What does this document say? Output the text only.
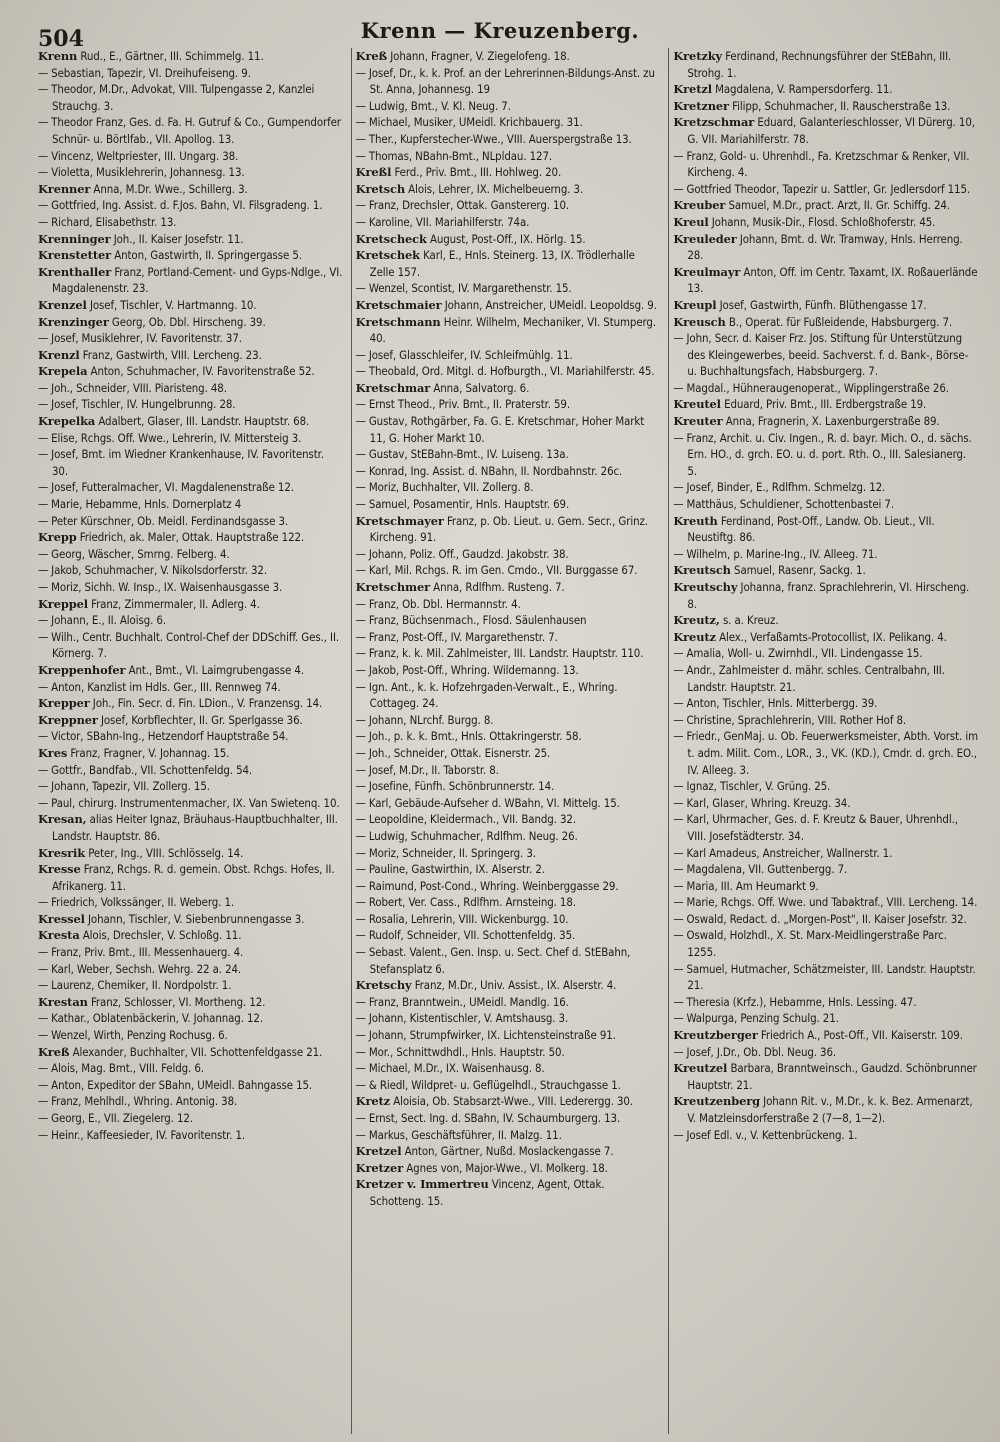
504	Krenn — Kreuzenberg.

Krenn Rud., E., Gärtner, III. Schimmelg. 11.

— Sebastian, Tapezir, VI. Dreihufeiseng. 9.

— Theodor, M.Dr., Advokat, VIII. Tulpengasse 2, Kanzlei Strauchg. 3.

— Theodor Franz, Ges. d. Fa. H. Gutruf & Co., Gumpendorfer Schnür- u. Börtlfab., VII. Apollog. 13.

— Vincenz, Weltpriester, III. Ungarg. 38.

— Violetta, Musiklehrerin, Johannesg. 13.

Krenner Anna, M.Dr. Wwe., Schillerg. 3.

— Gottfried, Ing. Assist. d. F.Jos. Bahn, VI. Filsgradeng. 1.

— Richard, Elisabethstr. 13.

Krenninger Joh., II. Kaiser Josefstr. 11.

Krenstetter Anton, Gastwirth, II. Springergasse 5.

Krenthaller Franz, Portland-Cement- und Gyps-Ndlge., VI. Magdalenenstr. 23.

Krenzel Josef, Tischler, V. Hartmanng. 10.

Krenzinger Georg, Ob. Dbl. Hirscheng. 39.

— Josef, Musiklehrer, IV. Favoritenstr. 37.

Krenzl Franz, Gastwirth, VIII. Lercheng. 23.

Krepela Anton, Schuhmacher, IV. Favoritenstraße 52.

— Joh., Schneider, VIII. Piaristeng. 48.

— Josef, Tischler, IV. Hungelbrunng. 28.

Krepelka Adalbert, Glaser, III. Landstr. Hauptstr. 68.

— Elise, Rchgs. Off. Wwe., Lehrerin, IV. Mittersteig 3.

— Josef, Bmt. im Wiedner Krankenhause, IV. Favoritenstr. 30.

— Josef, Futteralmacher, VI. Magdalenenstraße 12.

— Marie, Hebamme, Hnls. Dornerplatz 4

— Peter Kürschner, Ob. Meidl. Ferdinandsgasse 3.

Krepp Friedrich, ak. Maler, Ottak. Hauptstraße 122.

— Georg, Wäscher, Smrng. Felberg. 4.

— Jakob, Schuhmacher, V. Nikolsdorferstr. 32.

— Moriz, Sichh. W. Insp., IX. Waisenhausgasse 3.

Kreppel Franz, Zimmermaler, II. Adlerg. 4.

— Johann, E., II. Aloisg. 6.

— Wilh., Centr. Buchhalt. Control-Chef der DDSchiff. Ges., II. Körnerg. 7.

Kreppenhofer Ant., Bmt., VI. Laimgrubengasse 4.

— Anton, Kanzlist im Hdls. Ger., III. Rennweg 74.

Krepper Joh., Fin. Secr. d. Fin. LDion., V. Franzensg. 14.

Kreppner Josef, Korbflechter, II. Gr. Sperlgasse 36.

— Victor, SBahn-Ing., Hetzendorf Hauptstraße 54.

Kres Franz, Fragner, V. Johannag. 15.

— Gottfr., Bandfab., VII. Schottenfeldg. 54.

— Johann, Tapezir, VII. Zollerg. 15.

— Paul, chirurg. Instrumentenmacher, IX. Van Swietenq. 10.

Kresan, alias Heiter Ignaz, Bräuhaus-Hauptbuchhalter, III. Landstr. Hauptstr. 86.

Kresrik Peter, Ing., VIII. Schlösselg. 14.

Kresse Franz, Rchgs. R. d. gemein. Obst. Rchgs. Hofes, II. Afrikanerg. 11.

— Friedrich, Volkssänger, II. Weberg. 1.

Kressel Johann, Tischler, V. Siebenbrunnengasse 3.

Kresta Alois, Drechsler, V. Schloßg. 11.

— Franz, Priv. Bmt., III. Messenhauerg. 4.

— Karl, Weber, Sechsh. Wehrg. 22 a. 24.

— Laurenz, Chemiker, II. Nordpolstr. 1.

Krestan Franz, Schlosser, VI. Mortheng. 12.

— Kathar., Oblatenbäckerin, V. Johannag. 12.

— Wenzel, Wirth, Penzing Rochusg. 6.

Kreß Alexander, Buchhalter, VII. Schottenfeldgasse 21.

— Alois, Mag. Bmt., VIII. Feldg. 6.

— Anton, Expeditor der SBahn, UMeidl. Bahngasse 15.

— Franz, Mehlhdl., Whring. Antonig. 38.

— Georg, E., VII. Ziegelerg. 12.

— Heinr., Kaffeesieder, IV. Favoritenstr. 1.

Kreß Johann, Fragner, V. Ziegelofeng. 18.

— Josef, Dr., k. k. Prof. an der Lehrerinnen-Bildungs-Anst. zu St. Anna, Johannesg. 19

— Ludwig, Bmt., V. Kl. Neug. 7.

— Michael, Musiker, UMeidl. Krichbauerg. 31.

— Ther., Kupferstecher-Wwe., VIII. Auerspergstraße 13.

— Thomas, NBahn-Bmt., NLpldau. 127.

Kreßl Ferd., Priv. Bmt., III. Hohlweg. 20.

Kretsch Alois, Lehrer, IX. Michelbeuerng. 3.

— Franz, Drechsler, Ottak. Ganstererg. 10.

— Karoline, VII. Mariahilferstr. 74a.

Kretscheck August, Post-Off., IX. Hörlg. 15.

Kretschek Karl, E., Hnls. Steinerg. 13, IX. Trödlerhalle Zelle 157.

— Wenzel, Scontist, IV. Margarethenstr. 15.

Kretschmaier Johann, Anstreicher, UMeidl. Leopoldsg. 9.

Kretschmann Heinr. Wilhelm, Mechaniker, VI. Stumperg. 40.

— Josef, Glasschleifer, IV. Schleifmühlg. 11.

— Theobald, Ord. Mitgl. d. Hofburgth., VI. Mariahilferstr. 45.

Kretschmar Anna, Salvatorg. 6.

— Ernst Theod., Priv. Bmt., II. Praterstr. 59.

— Gustav, Rothgärber, Fa. G. E. Kretschmar, Hoher Markt 11, G. Hoher Markt 10.

— Gustav, StEBahn-Bmt., IV. Luiseng. 13a.

— Konrad, Ing. Assist. d. NBahn, II. Nordbahnstr. 26c.

— Moriz, Buchhalter, VII. Zollerg. 8.

— Samuel, Posamentir, Hnls. Hauptstr. 69.

Kretschmayer Franz, p. Ob. Lieut. u. Gem. Secr., Grinz. Kircheng. 91.

— Johann, Poliz. Off., Gaudzd. Jakobstr. 38.

— Karl, Mil. Rchgs. R. im Gen. Cmdo., VII. Burggasse 67.

Kretschmer Anna, Rdlfhm. Rusteng. 7.

— Franz, Ob. Dbl. Hermannstr. 4.

— Franz, Büchsenmach., Flosd. Säulenhausen

— Franz, Post-Off., IV. Margarethenstr. 7.

— Franz, k. k. Mil. Zahlmeister, III. Landstr. Hauptstr. 110.

— Jakob, Post-Off., Whring. Wildemanng. 13.

— Ign. Ant., k. k. Hofzehrgaden-Verwalt., E., Whring. Cottageg. 24.

— Johann, NLrchf. Burgg. 8.

— Joh., p. k. k. Bmt., Hnls. Ottakringerstr. 58.

— Joh., Schneider, Ottak. Eisnerstr. 25.

— Josef, M.Dr., II. Taborstr. 8.

— Josefine, Fünfh. Schönbrunnerstr. 14.

— Karl, Gebäude-Aufseher d. WBahn, VI. Mittelg. 15.

— Leopoldine, Kleidermach., VII. Bandg. 32.

— Ludwig, Schuhmacher, Rdlfhm. Neug. 26.

— Moriz, Schneider, II. Springerg. 3.

— Pauline, Gastwirthin, IX. Alserstr. 2.

— Raimund, Post-Cond., Whring. Weinberggasse 29.

— Robert, Ver. Cass., Rdlfhm. Arnsteing. 18.

— Rosalia, Lehrerin, VIII. Wickenburgg. 10.

— Rudolf, Schneider, VII. Schottenfeldg. 35.

— Sebast. Valent., Gen. Insp. u. Sect. Chef d. StEBahn, Stefansplatz 6.

Kretschy Franz, M.Dr., Univ. Assist., IX. Alserstr. 4.

— Franz, Branntwein., UMeidl. Mandlg. 16.

— Johann, Kistentischler, V. Amtshausg. 3.

— Johann, Strumpfwirker, IX. Lichtensteinstraße 91.

— Mor., Schnittwdhdl., Hnls. Hauptstr. 50.

— Michael, M.Dr., IX. Waisenhausg. 8.

— & Riedl, Wildpret- u. Geflügelhdl., Strauchgasse 1.

Kretz Aloisia, Ob. Stabsarzt-Wwe., VIII. Lederergg. 30.

— Ernst, Sect. Ing. d. SBahn, IV. Schaumburgerg. 13.

— Markus, Geschäftsführer, II. Malzg. 11.

Kretzel Anton, Gärtner, Nußd. Moslackengasse 7.

Kretzer Agnes von, Major-Wwe., VI. Molkerg. 18.

Kretzer v. Immertreu Vincenz, Agent, Ottak. Schotteng. 15.

Kretzky Ferdinand, Rechnungsführer der StEBahn, III. Strohg. 1.

Kretzl Magdalena, V. Rampersdorferg. 11.

Kretzner Filipp, Schuhmacher, II. Rauscherstraße 13.

Kretzschmar Eduard, Galanterieschlosser, VI Dürerg. 10, G. VII. Mariahilferstr. 78.

— Franz, Gold- u. Uhrenhdl., Fa. Kretzschmar & Renker, VII. Kircheng. 4.

— Gottfried Theodor, Tapezir u. Sattler, Gr. Jedlersdorf 115.

Kreuber Samuel, M.Dr., pract. Arzt, II. Gr. Schiffg. 24.

Kreul Johann, Musik-Dir., Flosd. Schloßhoferstr. 45.

Kreuleder Johann, Bmt. d. Wr. Tramway, Hnls. Herreng. 28.

Kreulmayr Anton, Off. im Centr. Taxamt, IX. Roßauerlände 13.

Kreupl Josef, Gastwirth, Fünfh. Blüthengasse 17.

Kreusch B., Operat. für Fußleidende, Habsburgerg. 7.

— John, Secr. d. Kaiser Frz. Jos. Stiftung für Unterstützung des Kleingewerbes, beeid. Sachverst. f. d. Bank-, Börse- u. Buchhaltungsfach, Habsburgerg. 7.

— Magdal., Hühneraugenoperat., Wipplingerstraße 26.

Kreutel Eduard, Priv. Bmt., III. Erdbergstraße 19.

Kreuter Anna, Fragnerin, X. Laxenburgerstraße 89.

— Franz, Archit. u. Civ. Ingen., R. d. bayr. Mich. O., d. sächs. Ern. HO., d. grch. EO. u. d. port. Rth. O., III. Salesianerg. 5.

— Josef, Binder, E., Rdlfhm. Schmelzg. 12.

— Matthäus, Schuldiener, Schottenbastei 7.

Kreuth Ferdinand, Post-Off., Landw. Ob. Lieut., VII. Neustiftg. 86.

— Wilhelm, p. Marine-Ing., IV. Alleeg. 71.

Kreutsch Samuel, Rasenr, Sackg. 1.

Kreutschy Johanna, franz. Sprachlehrerin, VI. Hirscheng. 8.

Kreutz, s. a. Kreuz.

Kreutz Alex., Verfaßamts-Protocollist, IX. Pelikang. 4.

— Amalia, Woll- u. Zwirnhdl., VII. Lindengasse 15.

— Andr., Zahlmeister d. mähr. schles. Centralbahn, III. Landstr. Hauptstr. 21.

— Anton, Tischler, Hnls. Mitterbergg. 39.

— Christine, Sprachlehrerin, VIII. Rother Hof 8.

— Friedr., GenMaj. u. Ob. Feuerwerksmeister, Abth. Vorst. im t. adm. Milit. Com., LOR., 3., VK. (KD.), Cmdr. d. grch. EO., IV. Alleeg. 3.

— Ignaz, Tischler, V. Grüng. 25.

— Karl, Glaser, Whring. Kreuzg. 34.

— Karl, Uhrmacher, Ges. d. F. Kreutz & Bauer, Uhrenhdl., VIII. Josefstädterstr. 34.

— Karl Amadeus, Anstreicher, Wallnerstr. 1.

— Magdalena, VII. Guttenbergg. 7.

— Maria, III. Am Heumarkt 9.

— Marie, Rchgs. Off. Wwe. und Tabaktraf., VIII. Lercheng. 14.

— Oswald, Redact. d. „Morgen-Post", II. Kaiser Josefstr. 32.

— Oswald, Holzhdl., X. St. Marx-Meidlingerstraße Parc. 1255.

— Samuel, Hutmacher, Schätzmeister, III. Landstr. Hauptstr. 21.

— Theresia (Krfz.), Hebamme, Hnls. Lessing. 47.

— Walpurga, Penzing Schulg. 21.

Kreutzberger Friedrich A., Post-Off., VII. Kaiserstr. 109.

— Josef, J.Dr., Ob. Dbl. Neug. 36.

Kreutzel Barbara, Branntweinsch., Gaudzd. Schönbrunner Hauptstr. 21.

Kreutzenberg Johann Rit. v., M.Dr., k. k. Bez. Armenarzt, V. Matzleinsdorferstraße 2 (7—8, 1—2).

— Josef Edl. v., V. Kettenbrückeng. 1.
